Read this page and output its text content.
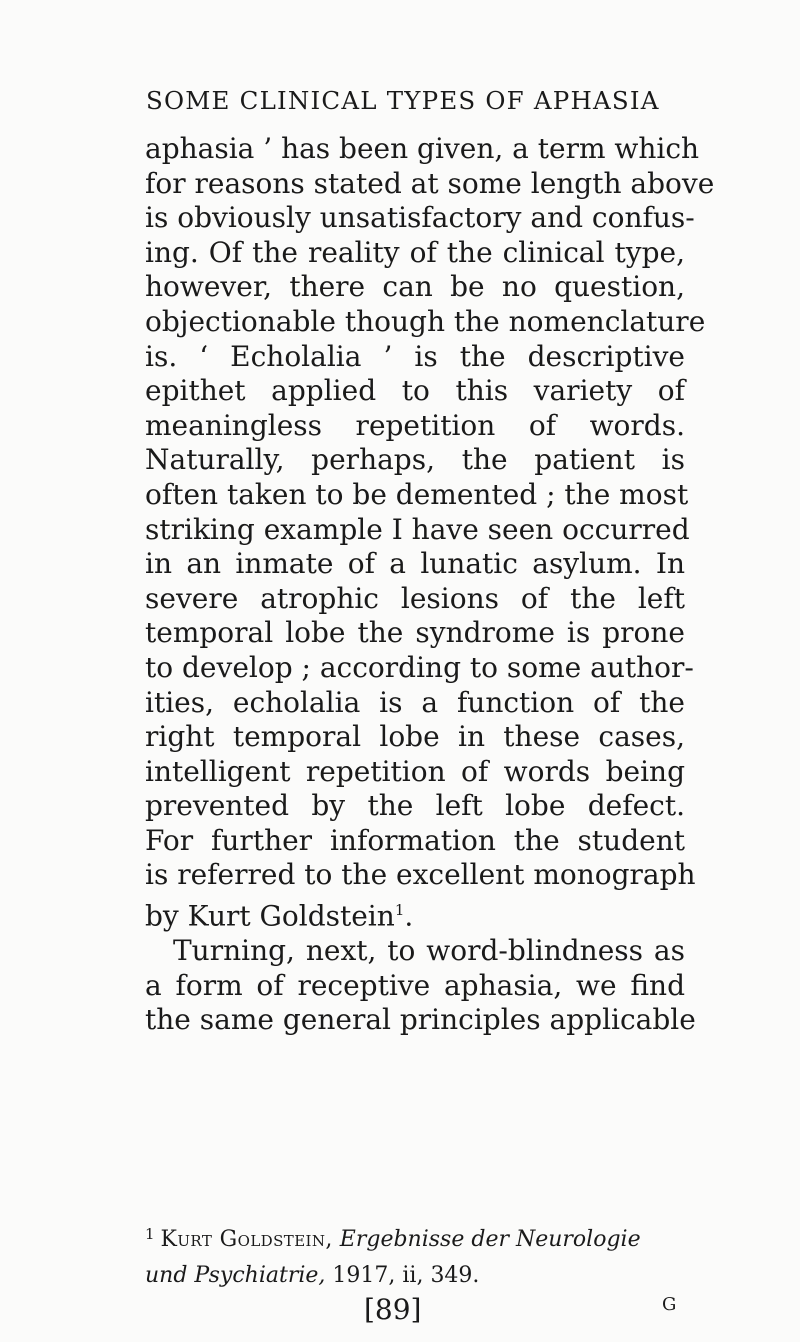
SOME CLINICAL TYPES OF APHASIA
aphasia ’ has been given, a term which
for reasons stated at some length above
is obviously unsatisfactory and confus-
ing. Of the reality of the clinical type,
however, there can be no question,
objectionable though the nomenclature
is. ‘ Echolalia ’ is the descriptive
epithet applied to this variety of
meaningless repetition of words.
Naturally, perhaps, the patient is
often taken to be demented ; the most
striking example I have seen occurred
in an inmate of a lunatic asylum. In
severe atrophic lesions of the left
temporal lobe the syndrome is prone
to develop ; according to some author-
ities, echolalia is a function of the
right temporal lobe in these cases,
intelligent repetition of words being
prevented by the left lobe defect.
For further information the student
is referred to the excellent monograph
by Kurt Goldstein$^1$.
Turning, next, to word-blindness as
a form of receptive aphasia, we find
the same general principles applicable
$^1$ Kurt Goldstein, Ergebnisse der Neurologie
und Psychiatrie, 1917, ii, 349.
[89]	G
